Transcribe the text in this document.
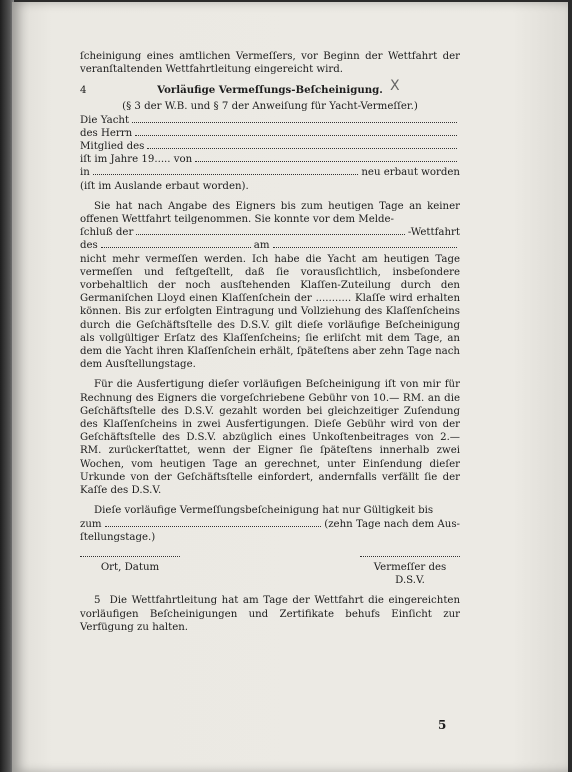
X

ſcheinigung eines amtlichen Vermeſſers, vor Beginn der Wettfahrt der veranſtaltenden Wettfahrtleitung eingereicht wird.

4	Vorläufige Vermeſſungs-Beſcheinigung.
(§ 3 der W.B. und § 7 der Anweiſung für Yacht-Vermeſſer.)
Die Yacht
des Herrn
Mitglied des
iſt im Jahre 19.....
von
in	neu erbaut worden

(iſt im Auslande erbaut worden).

Sie hat nach Angabe des Eigners bis zum heutigen Tage an keiner offenen Wettfahrt teilgenommen. Sie konnte vor dem Melde-

ſchluß der	-Wettfahrt
des	am

nicht mehr vermeſſen werden. Ich habe die Yacht am heutigen Tage vermeſſen und feſtgeſtellt, daß ſie vorausſichtlich, insbeſondere vorbehaltlich der noch ausſtehenden Klaſſen-Zuteilung durch den Germaniſchen Lloyd einen Klaſſenſchein der ........... Klaſſe wird erhalten können. Bis zur erfolgten Eintragung und Vollziehung des Klaſſenſcheins durch die Geſchäftsſtelle des D.S.V. gilt dieſe vorläufige Beſcheinigung als vollgültiger Erſatz des Klaſſenſcheins; ſie erliſcht mit dem Tage, an dem die Yacht ihren Klaſſenſchein erhält, ſpäteſtens aber zehn Tage nach dem Ausſtellungstage.

Für die Ausfertigung dieſer vorläufigen Beſcheinigung iſt von mir für Rechnung des Eigners die vorgeſchriebene Gebühr von 10.— RM. an die Geſchäftsſtelle des D.S.V. gezahlt worden bei gleichzeitiger Zuſendung des Klaſſenſcheins in zwei Ausfertigungen. Dieſe Gebühr wird von der Geſchäftsſtelle des D.S.V. abzüglich eines Unkoſtenbeitrages von 2.— RM. zurückerſtattet, wenn der Eigner ſie ſpäteſtens innerhalb zwei Wochen, vom heutigen Tage an gerechnet, unter Einſendung dieſer Urkunde von der Geſchäftsſtelle einfordert, andernfalls verfällt ſie der Kaſſe des D.S.V.

Dieſe vorläufige Vermeſſungsbeſcheinigung hat nur Gültigkeit bis

zum	(zehn Tage nach dem Aus-

ſtellungstage.)

Ort, Datum	Vermeſſer des D.S.V.

5 Die Wettfahrtleitung hat am Tage der Wettfahrt die eingereichten vorläufigen Beſcheinigungen und Zertifikate behufs Einſicht zur Verfügung zu halten.

5
